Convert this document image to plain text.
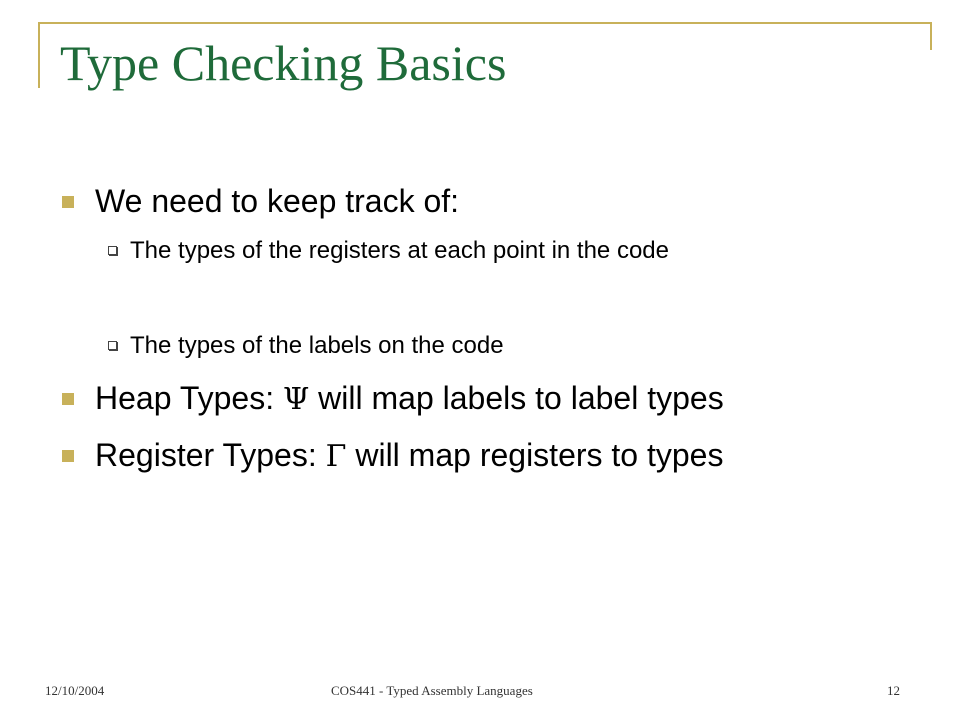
Type Checking Basics
We need to keep track of:
The types of the registers at each point in the code
The types of the labels on the code
Heap Types: Ψ will map labels to label types
Register Types: Γ will map registers to types
12/10/2004	COS441 - Typed Assembly Languages	12
